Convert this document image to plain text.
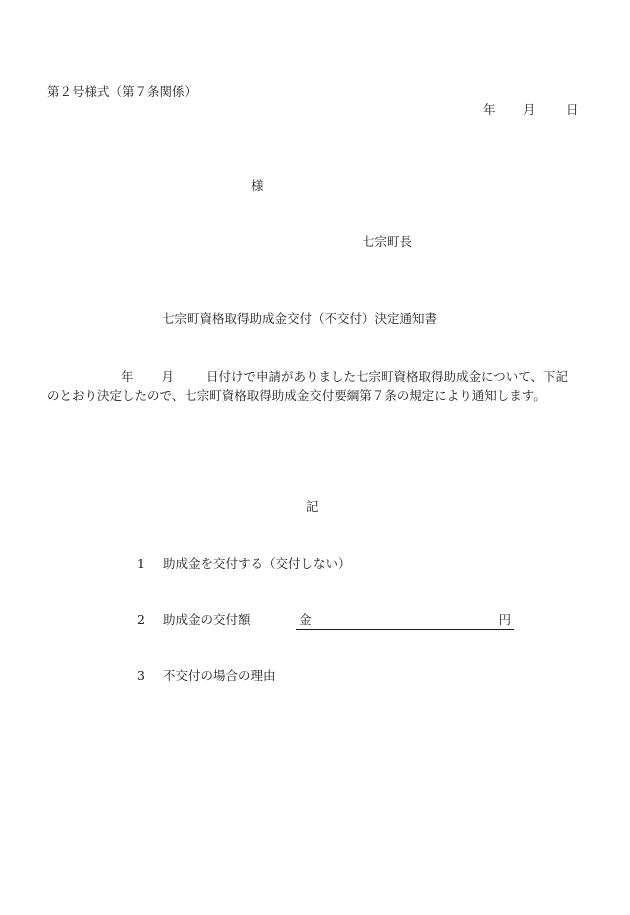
第２号様式（第７条関係）
年 月 日
様
七宗町長
七宗町資格取得助成金交付（不交付）決定通知書
年 月	日付けで申請がありました七宗町資格取得助成金について、下記のとおり決定したので、七宗町資格取得助成金交付要綱第７条の規定により通知します。
記
1 助成金を交付する（交付しない）
2 助成金の交付額	金	円
3 不交付の場合の理由
